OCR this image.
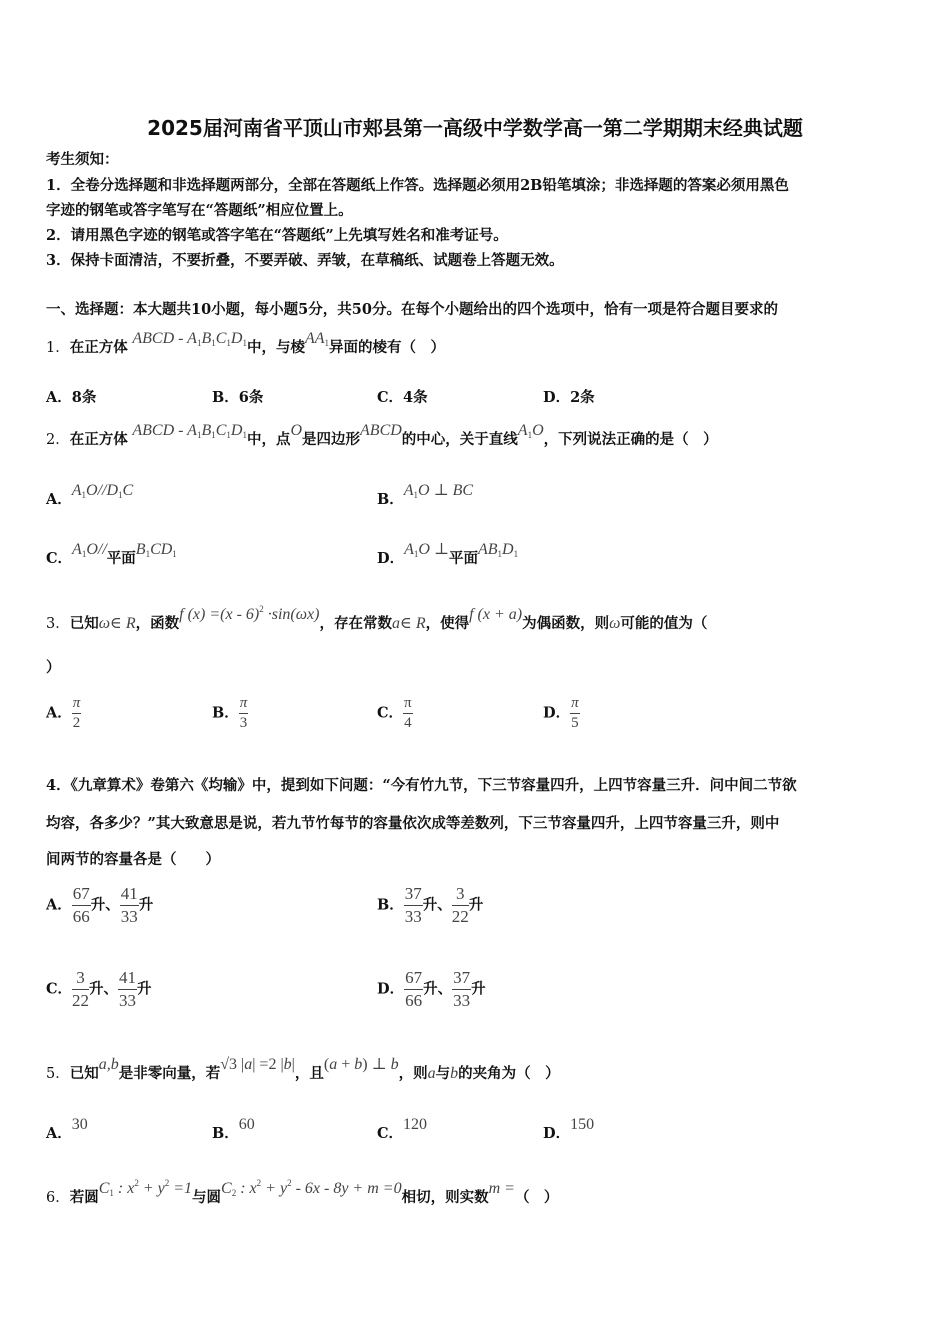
2025届河南省平顶山市郏县第一高级中学数学高一第二学期期末经典试题
考生须知：
1．全卷分选择题和非选择题两部分，全部在答题纸上作答。选择题必须用2B铅笔填涂；非选择题的答案必须用黑色
字迹的钢笔或答字笔写在“答题纸”相应位置上。
2．请用黑色字迹的钢笔或答字笔在“答题纸”上先填写姓名和准考证号。
3．保持卡面清洁，不要折叠，不要弄破、弄皱，在草稿纸、试题卷上答题无效。
一、选择题：本大题共10小题，每小题5分，共50分。在每个小题给出的四个选项中，恰有一项是符合题目要求的
1．在正方体 ABCD - $A_1B_1C_1D_1$中，与棱$AA_1$异面的棱有（　）
A．8条	B．6条	C．4条	D．2条
2．在正方体 ABCD - $A_1B_1C_1D_1$中，点O是四边形ABCD的中心，关于直线$A_1O$，下列说法正确的是（　）
A．$A_1O//D_1C$
B．$A_1O$ ⊥ BC
C．$A_1O//$平面$B_1CD_1$	D．$A_1O$ ⊥平面$AB_1D_1$
3．已知ω∈ R，函数f (x) =(x - 6)$^2$ ·sin(ωx)，存在常数a∈ R，使得f (x + a)为偶函数，则ω可能的值为（
）
A． $\frac{\pi}{2}$	B． $\frac{\pi}{3}$	C． $\frac{\pi}{4}$	D． $\frac{\pi}{5}$
4．《九章算术》卷第六《均输》中，提到如下问题：“今有竹九节，下三节容量四升，上四节容量三升．问中间二节欲
均容，各多少？”其大致意思是说，若九节竹每节的容量依次成等差数列，下三节容量四升，上四节容量三升，则中
间两节的容量各是（　　）
A． $\frac{67}{66}$ 升、 $\frac{41}{33}$ 升	B． $\frac{37}{33}$ 升、 $\frac{3}{22}$ 升
C． $\frac{3}{22}$ 升、 $\frac{41}{33}$ 升	D． $\frac{67}{66}$ 升、 $\frac{37}{33}$ 升
5．已知a,b是非零向量，若√3 |a| =2 |b|，且(a + b) ⊥ b，则a与b的夹角为（　）
A．30
B．60
C．120
D．150
6．若圆$C_1$ : $x^2 + y^2 =1$与圆$C_2$ : $x^2 + y^2 - 6x - 8y + m =0$相切，则实数m =（　）
